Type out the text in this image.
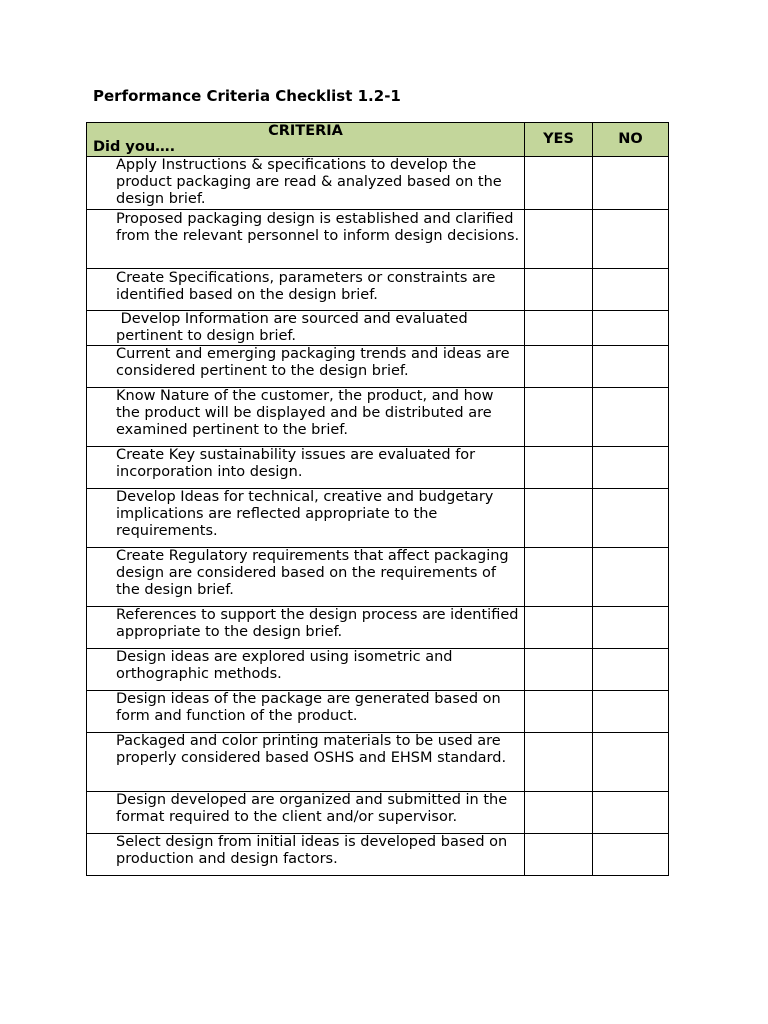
Performance Criteria Checklist 1.2-1
CRITERIA
Did you….	YES	NO

Apply Instructions & specifications to develop the product packaging are read & analyzed based on the design brief.		

Proposed packaging design is established and clarified from the relevant personnel to inform design decisions.		

Create Specifications, parameters or constraints are identified based on the design brief.		

Develop Information are sourced and evaluated pertinent to design brief.		

Current and emerging packaging trends and ideas are considered pertinent to the design brief.		

Know Nature of the customer, the product, and how the product will be displayed and be distributed are examined pertinent to the brief.		

Create Key sustainability issues are evaluated for incorporation into design.		

Develop Ideas for technical, creative and budgetary implications are reflected appropriate to the requirements.		

Create Regulatory requirements that affect packaging design are considered based on the requirements of the design brief.		

References to support the design process are identified appropriate to the design brief.		

Design ideas are explored using isometric and orthographic methods.		

Design ideas of the package are generated based on form and function of the product.		

Packaged and color printing materials to be used are properly considered based OSHS and EHSM standard.		

Design developed are organized and submitted in the format required to the client and/or supervisor.		

Select design from initial ideas is developed based on production and design factors.		
